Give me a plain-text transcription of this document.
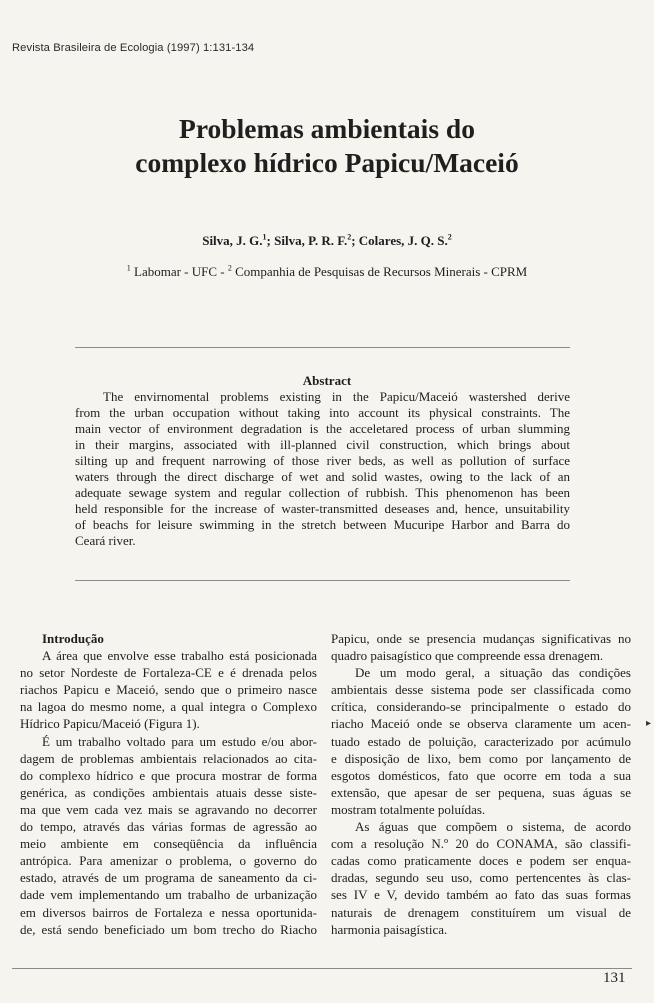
Revista Brasileira de Ecologia (1997) 1:131-134
Problemas ambientais do
complexo hídrico Papicu/Maceió
Silva, J. G.$^1$; Silva, P. R. F.$^2$; Colares, J. Q. S.$^2$
$^1$ Labomar - UFC - $^2$ Companhia de Pesquisas de Recursos Minerais - CPRM
Abstract
The envirnomental problems existing in the Papicu/Maceió wastershed derive
from the urban occupation without taking into account its physical constraints. The
main vector of environment degradation is the acceletared process of urban slumming
in their margins, associated with ill-planned civil construction, which brings about
silting up and frequent narrowing of those river beds, as well as pollution of surface
waters through the direct discharge of wet and solid wastes, owing to the lack of an
adequate sewage system and regular collection of rubbish. This phenomenon has been
held responsible for the increase of waster-transmitted deseases and, hence, unsuitability
of beachs for leisure swimming in the stretch between Mucuripe Harbor and Barra do
Ceará river.
Introdução
A área que envolve esse trabalho está posicionada
no setor Nordeste de Fortaleza-CE e é drenada pelos
riachos Papicu e Maceió, sendo que o primeiro nasce
na lagoa do mesmo nome, a qual integra o Complexo
Hídrico Papicu/Maceió (Figura 1).
É um trabalho voltado para um estudo e/ou abor-
dagem de problemas ambientais relacionados ao cita-
do complexo hídrico e que procura mostrar de forma
genérica, as condições ambientais atuais desse siste-
ma que vem cada vez mais se agravando no decorrer
do tempo, através das várias formas de agressão ao
meio ambiente em conseqüência da influência
antrópica. Para amenizar o problema, o governo do
estado, através de um programa de saneamento da ci-
dade vem implementando um trabalho de urbanização
em diversos bairros de Fortaleza e nessa oportunida-
de, está sendo beneficiado um bom trecho do Riacho
Papicu, onde se presencia mudanças significativas no
quadro paisagístico que compreende essa drenagem.
De um modo geral, a situação das condições
ambientais desse sistema pode ser classificada como
crítica, considerando-se principalmente o estado do
riacho Maceió onde se observa claramente um acen-
tuado estado de poluição, caracterizado por acúmulo
e disposição de lixo, bem como por lançamento de
esgotos domésticos, fato que ocorre em toda a sua
extensão, que apesar de ser pequena, suas águas se
mostram totalmente poluídas.
As águas que compõem o sistema, de acordo
com a resolução N.º 20 do CONAMA, são classifi-
cadas como praticamente doces e podem ser enqua-
dradas, segundo seu uso, como pertencentes às clas-
ses IV e V, devido também ao fato das suas formas
naturais de drenagem constituírem um visual de
harmonia paisagística.
▸
131
